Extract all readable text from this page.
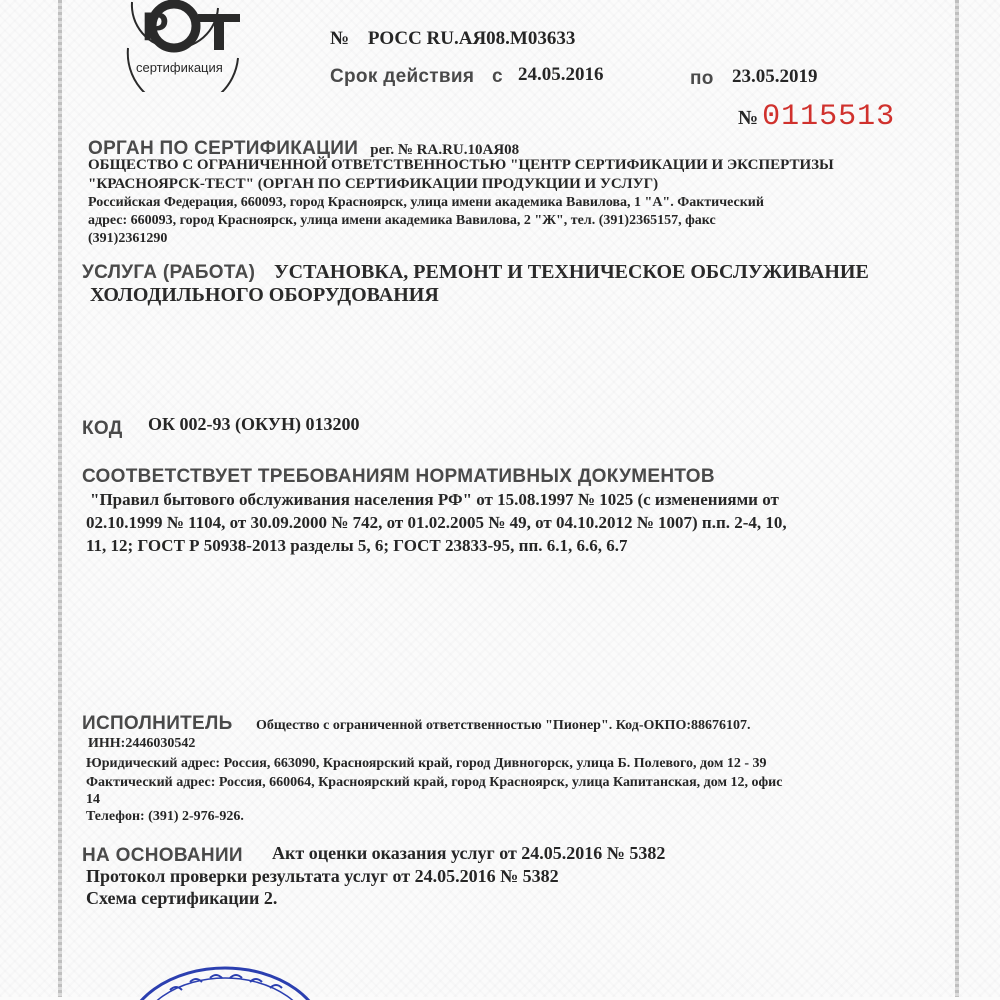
Р
сертификация
№ РОСС RU.АЯ08.М03633
Срок действия с 24.05.2016	по 23.05.2019
№ 0115513
ОРГАН ПО СЕРТИФИКАЦИИ рег. № RA.RU.10АЯ08
ОБЩЕСТВО С ОГРАНИЧЕННОЙ ОТВЕТСТВЕННОСТЬЮ "ЦЕНТР СЕРТИФИКАЦИИ И ЭКСПЕРТИЗЫ
"КРАСНОЯРСК-ТЕСТ" (ОРГАН ПО СЕРТИФИКАЦИИ ПРОДУКЦИИ И УСЛУГ)
Российская Федерация, 660093, город Красноярск, улица имени академика Вавилова, 1 "А". Фактический
адрес: 660093, город Красноярск, улица имени академика Вавилова, 2 "Ж", тел. (391)2365157, факс
(391)2361290
УСЛУГА (РАБОТА) УСТАНОВКА, РЕМОНТ И ТЕХНИЧЕСКОЕ ОБСЛУЖИВАНИЕ
ХОЛОДИЛЬНОГО ОБОРУДОВАНИЯ
КОД ОК 002-93 (ОКУН) 013200
СООТВЕТСТВУЕТ ТРЕБОВАНИЯМ НОРМАТИВНЫХ ДОКУМЕНТОВ
"Правил бытового обслуживания населения РФ" от 15.08.1997 № 1025 (с изменениями от
02.10.1999 № 1104, от 30.09.2000 № 742, от 01.02.2005 № 49, от 04.10.2012 № 1007) п.п. 2-4, 10,
11, 12; ГОСТ Р 50938-2013 разделы 5, 6; ГОСТ 23833-95, пп. 6.1, 6.6, 6.7
ИСПОЛНИТЕЛЬ Общество с ограниченной ответственностью "Пионер". Код-ОКПО:88676107.
ИНН:2446030542
Юридический адрес: Россия, 663090, Красноярский край, город Дивногорск, улица Б. Полевого, дом 12 - 39
Фактический адрес: Россия, 660064, Красноярский край, город Красноярск, улица Капитанская, дом 12, офис
14
Телефон: (391) 2-976-926.
НА ОСНОВАНИИ Акт оценки оказания услуг от 24.05.2016 № 5382
Протокол проверки результата услуг от 24.05.2016 № 5382
Схема сертификации 2.
